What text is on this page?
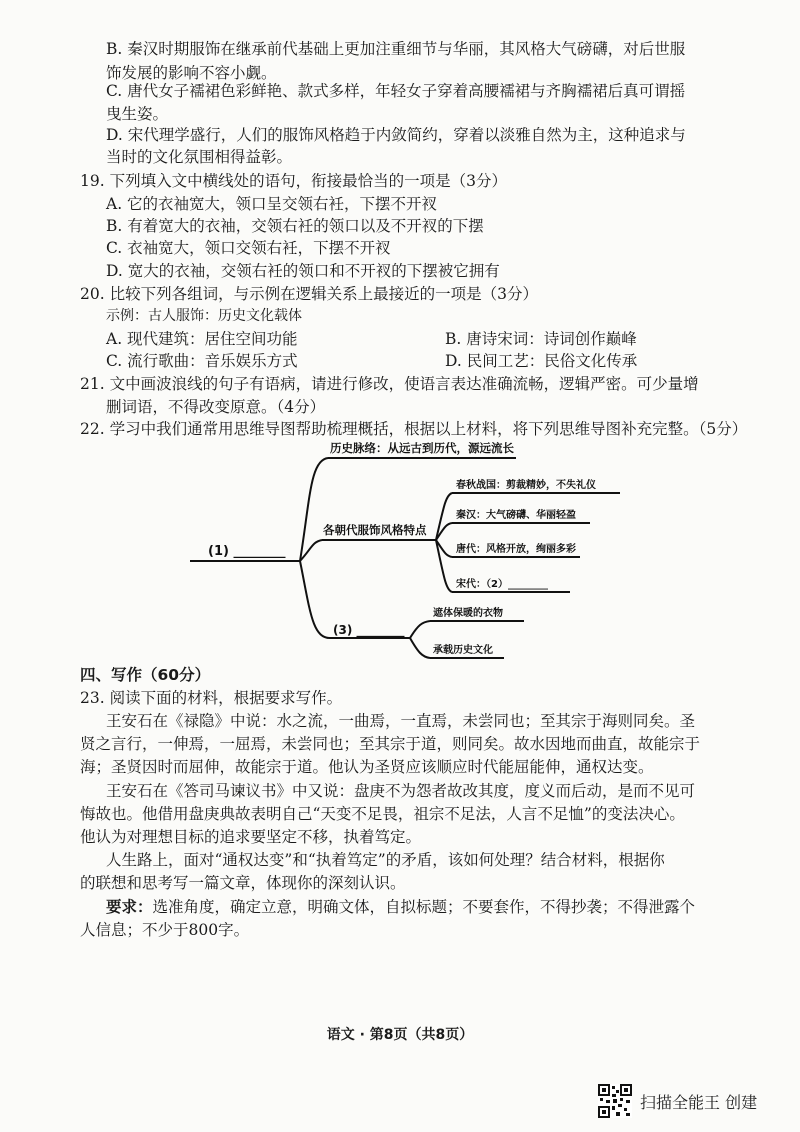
B. 秦汉时期服饰在继承前代基础上更加注重细节与华丽，其风格大气磅礴，对后世服
饰发展的影响不容小觑。
C. 唐代女子襦裙色彩鲜艳、款式多样，年轻女子穿着高腰襦裙与齐胸襦裙后真可谓摇
曳生姿。
D. 宋代理学盛行，人们的服饰风格趋于内敛简约，穿着以淡雅自然为主，这种追求与
当时的文化氛围相得益彰。
19. 下列填入文中横线处的语句，衔接最恰当的一项是（3分）
A. 它的衣袖宽大，领口呈交领右衽，下摆不开衩
B. 有着宽大的衣袖，交领右衽的领口以及不开衩的下摆
C. 衣袖宽大，领口交领右衽，下摆不开衩
D. 宽大的衣袖，交领右衽的领口和不开衩的下摆被它拥有
20. 比较下列各组词，与示例在逻辑关系上最接近的一项是（3分）
示例：古人服饰：历史文化载体
A. 现代建筑：居住空间功能	B. 唐诗宋词：诗词创作巅峰
C. 流行歌曲：音乐娱乐方式	D. 民间工艺：民俗文化传承
21. 文中画波浪线的句子有语病，请进行修改，使语言表达准确流畅，逻辑严密。可少量增
删词语，不得改变原意。（4分）
22. 学习中我们通常用思维导图帮助梳理概括，根据以上材料，将下列思维导图补充完整。（5分）
(1) ________
历史脉络：从远古到历代，源远流长
各朝代服饰风格特点
春秋战国：剪裁精妙，不失礼仪
秦汉：大气磅礴、华丽轻盈
唐代：风格开放，绚丽多彩
宋代：（2）________
(3) ________
遮体保暖的衣物
承载历史文化
四、写作（60分）
23. 阅读下面的材料，根据要求写作。
王安石在《禄隐》中说：水之流，一曲焉，一直焉，未尝同也；至其宗于海则同矣。圣
贤之言行，一伸焉，一屈焉，未尝同也；至其宗于道，则同矣。故水因地而曲直，故能宗于
海；圣贤因时而屈伸，故能宗于道。他认为圣贤应该顺应时代能屈能伸，通权达变。
王安石在《答司马谏议书》中又说：盘庚不为怨者故改其度，度义而后动，是而不见可
悔故也。他借用盘庚典故表明自己“天变不足畏，祖宗不足法，人言不足恤”的变法决心。
他认为对理想目标的追求要坚定不移，执着笃定。
人生路上，面对“通权达变”和“执着笃定”的矛盾，该如何处理？结合材料，根据你
的联想和思考写一篇文章，体现你的深刻认识。
要求：选准角度，确定立意，明确文体，自拟标题；不要套作，不得抄袭；不得泄露个
人信息；不少于800字。
语文 · 第8页（共8页）
扫描全能王 创建
